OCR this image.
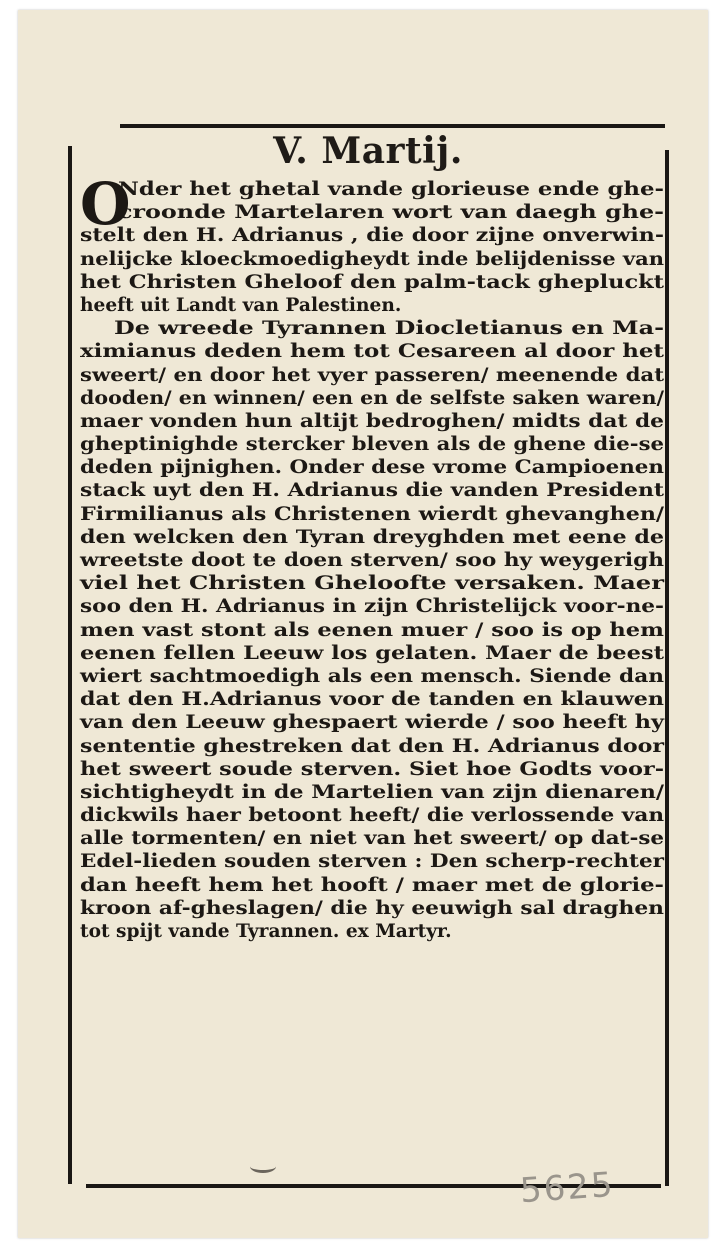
V. Martij.
O
Nder het ghetal vande glorieuse ende ghe-
croonde Martelaren wort van daegh ghe-
stelt den H. Adrianus , die door zijne onverwin-
nelijcke kloeckmoedigheydt inde belijdenisse van
het Christen Gheloof den palm-tack ghepluckt
heeft uit Landt van Palestinen.
De wreede Tyrannen Diocletianus en Ma-
ximianus deden hem tot Cesareen al door het
sweert/ en door het vyer passeren/ meenende dat
dooden/ en winnen/ een en de selfste saken waren/
maer vonden hun altijt bedroghen/ midts dat de
gheptinighde stercker bleven als de ghene die-se
deden pijnighen. Onder dese vrome Campioenen
stack uyt den H. Adrianus die vanden President
Firmilianus als Christenen wierdt ghevanghen/
den welcken den Tyran dreyghden met eene de
wreetste doot te doen sterven/ soo hy weygerigh
viel het Christen Gheloofte versaken. Maer
soo den H. Adrianus in zijn Christelijck voor-ne-
men vast stont als eenen muer / soo is op hem
eenen fellen Leeuw los gelaten. Maer de beest
wiert sachtmoedigh als een mensch. Siende dan
dat den H.Adrianus voor de tanden en klauwen
van den Leeuw ghespaert wierde / soo heeft hy
sententie ghestreken dat den H. Adrianus door
het sweert soude sterven. Siet hoe Godts voor-
sichtigheydt in de Martelien van zijn dienaren/
dickwils haer betoont heeft/ die verlossende van
alle tormenten/ en niet van het sweert/ op dat-se
Edel-lieden souden sterven : Den scherp-rechter
dan heeft hem het hooft / maer met de glorie-
kroon af-gheslagen/ die hy eeuwigh sal draghen
tot spijt vande Tyrannen. ex Martyr.
5625
